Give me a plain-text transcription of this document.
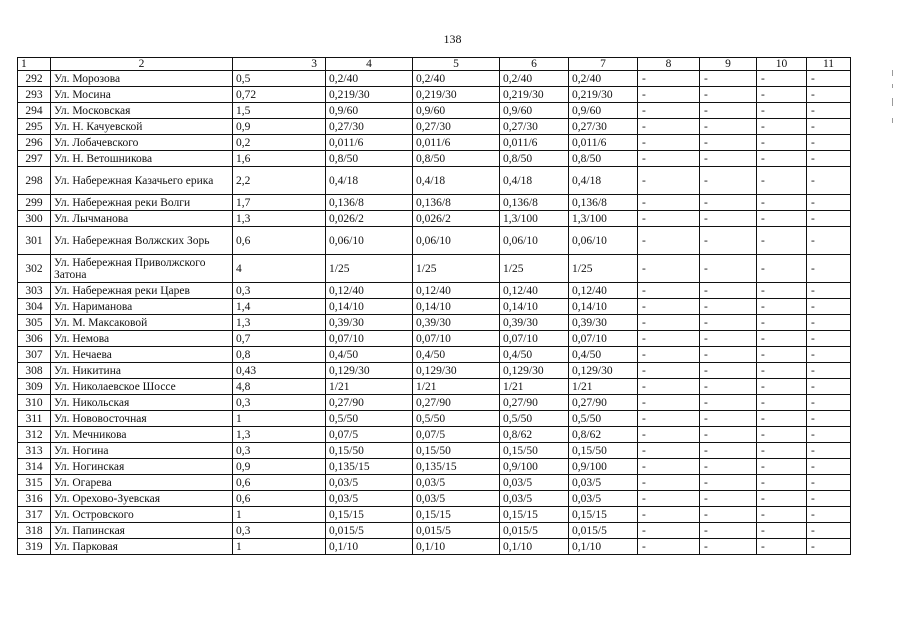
138
1	2	3	4	5	6	7	8	9	10	11
292	Ул. Морозова	0,5	0,2/40	0,2/40	0,2/40	0,2/40	-	-	-	-
293	Ул. Мосина	0,72	0,219/30	0,219/30	0,219/30	0,219/30	-	-	-	-
294	Ул. Московская	1,5	0,9/60	0,9/60	0,9/60	0,9/60	-	-	-	-
295	Ул. Н. Качуевской	0,9	0,27/30	0,27/30	0,27/30	0,27/30	-	-	-	-
296	Ул. Лобачевского	0,2	0,011/6	0,011/6	0,011/6	0,011/6	-	-	-	-
297	Ул. Н. Ветошникова	1,6	0,8/50	0,8/50	0,8/50	0,8/50	-	-	-	-
298	Ул. Набережная Казачьего ерика	2,2	0,4/18	0,4/18	0,4/18	0,4/18	-	-	-	-
299	Ул. Набережная реки Волги	1,7	0,136/8	0,136/8	0,136/8	0,136/8	-	-	-	-
300	Ул. Лычманова	1,3	0,026/2	0,026/2	1,3/100	1,3/100	-	-	-	-
301	Ул. Набережная Волжских Зорь	0,6	0,06/10	0,06/10	0,06/10	0,06/10	-	-	-	-
302	Ул. Набережная Приволжского Затона	4	1/25	1/25	1/25	1/25	-	-	-	-
303	Ул. Набережная реки Царев	0,3	0,12/40	0,12/40	0,12/40	0,12/40	-	-	-	-
304	Ул. Нариманова	1,4	0,14/10	0,14/10	0,14/10	0,14/10	-	-	-	-
305	Ул. М. Максаковой	1,3	0,39/30	0,39/30	0,39/30	0,39/30	-	-	-	-
306	Ул. Немова	0,7	0,07/10	0,07/10	0,07/10	0,07/10	-	-	-	-
307	Ул. Нечаева	0,8	0,4/50	0,4/50	0,4/50	0,4/50	-	-	-	-
308	Ул. Никитина	0,43	0,129/30	0,129/30	0,129/30	0,129/30	-	-	-	-
309	Ул. Николаевское Шоссе	4,8	1/21	1/21	1/21	1/21	-	-	-	-
310	Ул. Никольская	0,3	0,27/90	0,27/90	0,27/90	0,27/90	-	-	-	-
311	Ул. Нововосточная	1	0,5/50	0,5/50	0,5/50	0,5/50	-	-	-	-
312	Ул. Мечникова	1,3	0,07/5	0,07/5	0,8/62	0,8/62	-	-	-	-
313	Ул. Ногина	0,3	0,15/50	0,15/50	0,15/50	0,15/50	-	-	-	-
314	Ул. Ногинская	0,9	0,135/15	0,135/15	0,9/100	0,9/100	-	-	-	-
315	Ул. Огарева	0,6	0,03/5	0,03/5	0,03/5	0,03/5	-	-	-	-
316	Ул. Орехово-Зуевская	0,6	0,03/5	0,03/5	0,03/5	0,03/5	-	-	-	-
317	Ул. Островского	1	0,15/15	0,15/15	0,15/15	0,15/15	-	-	-	-
318	Ул. Папинская	0,3	0,015/5	0,015/5	0,015/5	0,015/5	-	-	-	-
319	Ул. Парковая	1	0,1/10	0,1/10	0,1/10	0,1/10	-	-	-	-
